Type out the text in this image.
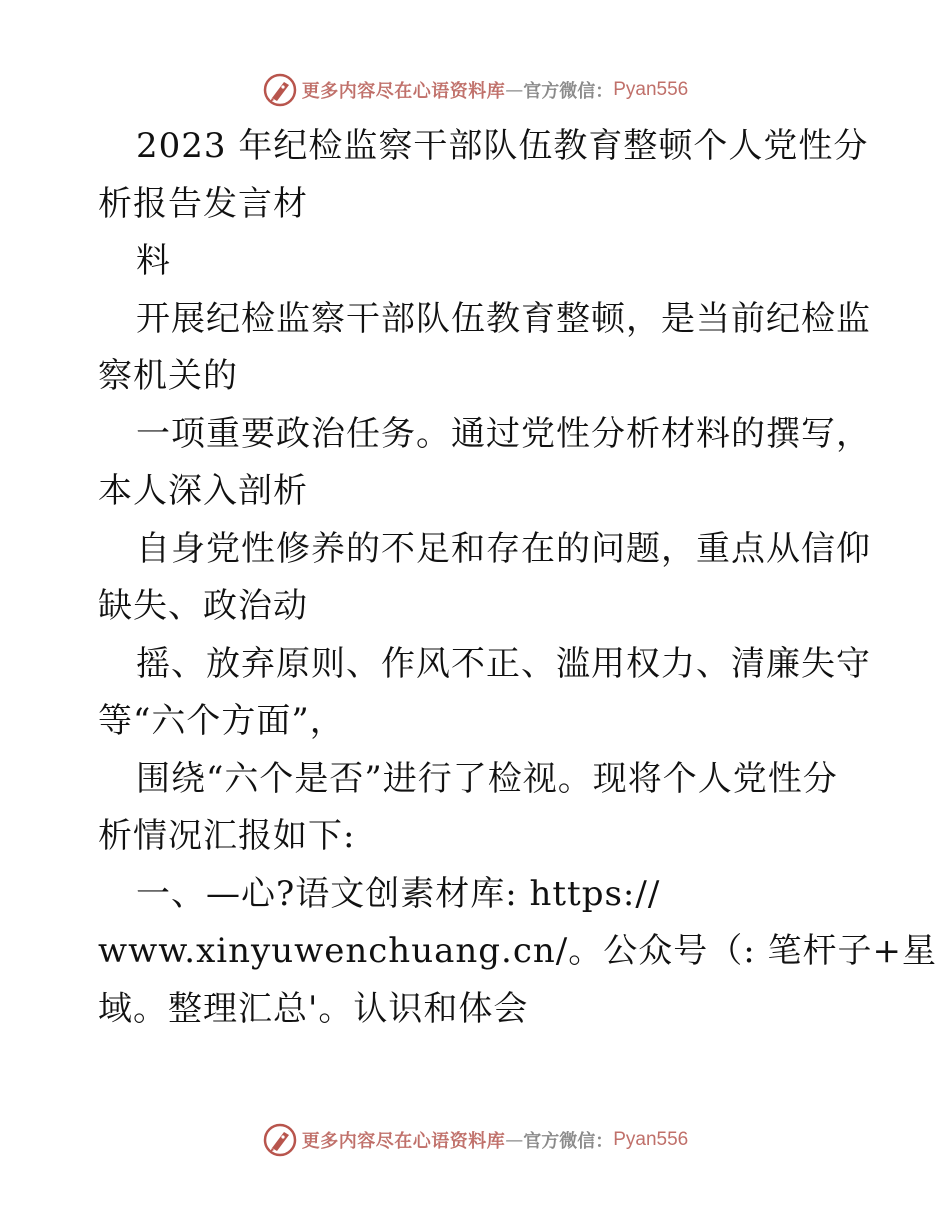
更多内容尽在心语资料库 — 官方微信： Pyan556
2023 年纪检监察干部队伍教育整顿个人党性分
析报告发言材
料
开展纪检监察干部队伍教育整顿，是当前纪检监
察机关的
一项重要政治任务。通过党性分析材料的撰写，
本人深入剖析
自身党性修养的不足和存在的问题，重点从信仰
缺失、政治动
摇、放弃原则、作风不正、滥用权力、清廉失守
等“六个方面”，
围绕“六个是否”进行了检视。现将个人党性分
析情况汇报如下:
一、—心?语文创素材库: https://
www.xinyuwenchuang.cn/。公众号（: 笔杆子+星
域。整理汇总'。认识和体会
更多内容尽在心语资料库 — 官方微信： Pyan556
